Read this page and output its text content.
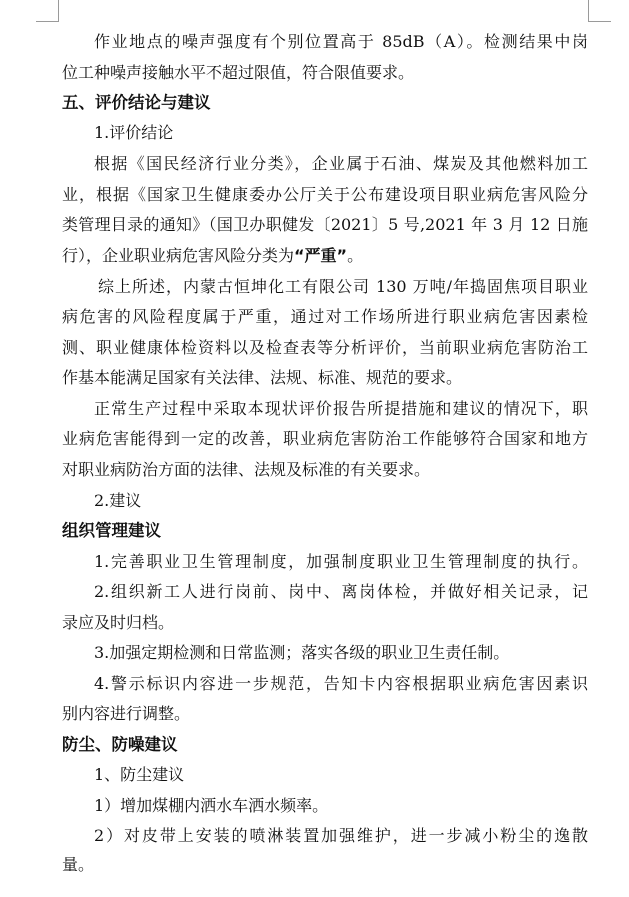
作业地点的噪声强度有个别位置高于 85dB（A）。检测结果中岗
位工种噪声接触水平不超过限值，符合限值要求。
五、评价结论与建议
1.评价结论
根据《国民经济行业分类》，企业属于石油、煤炭及其他燃料加工
业，根据《国家卫生健康委办公厅关于公布建设项目职业病危害风险分
类管理目录的通知》（国卫办职健发〔2021〕5 号,2021 年 3 月 12 日施
行），企业职业病危害风险分类为“严重”。
综上所述，内蒙古恒坤化工有限公司 130 万吨/年捣固焦项目职业
病危害的风险程度属于严重，通过对工作场所进行职业病危害因素检
测、职业健康体检资料以及检查表等分析评价，当前职业病危害防治工
作基本能满足国家有关法律、法规、标准、规范的要求。
正常生产过程中采取本现状评价报告所提措施和建议的情况下，职
业病危害能得到一定的改善，职业病危害防治工作能够符合国家和地方
对职业病防治方面的法律、法规及标准的有关要求。
2.建议
组织管理建议
1.完善职业卫生管理制度，加强制度职业卫生管理制度的执行。
2.组织新工人进行岗前、岗中、离岗体检，并做好相关记录，记
录应及时归档。
3.加强定期检测和日常监测；落实各级的职业卫生责任制。
4.警示标识内容进一步规范，告知卡内容根据职业病危害因素识
别内容进行调整。
防尘、防噪建议
1、防尘建议
1）增加煤棚内洒水车洒水频率。
2）对皮带上安装的喷淋装置加强维护，进一步减小粉尘的逸散
量。
